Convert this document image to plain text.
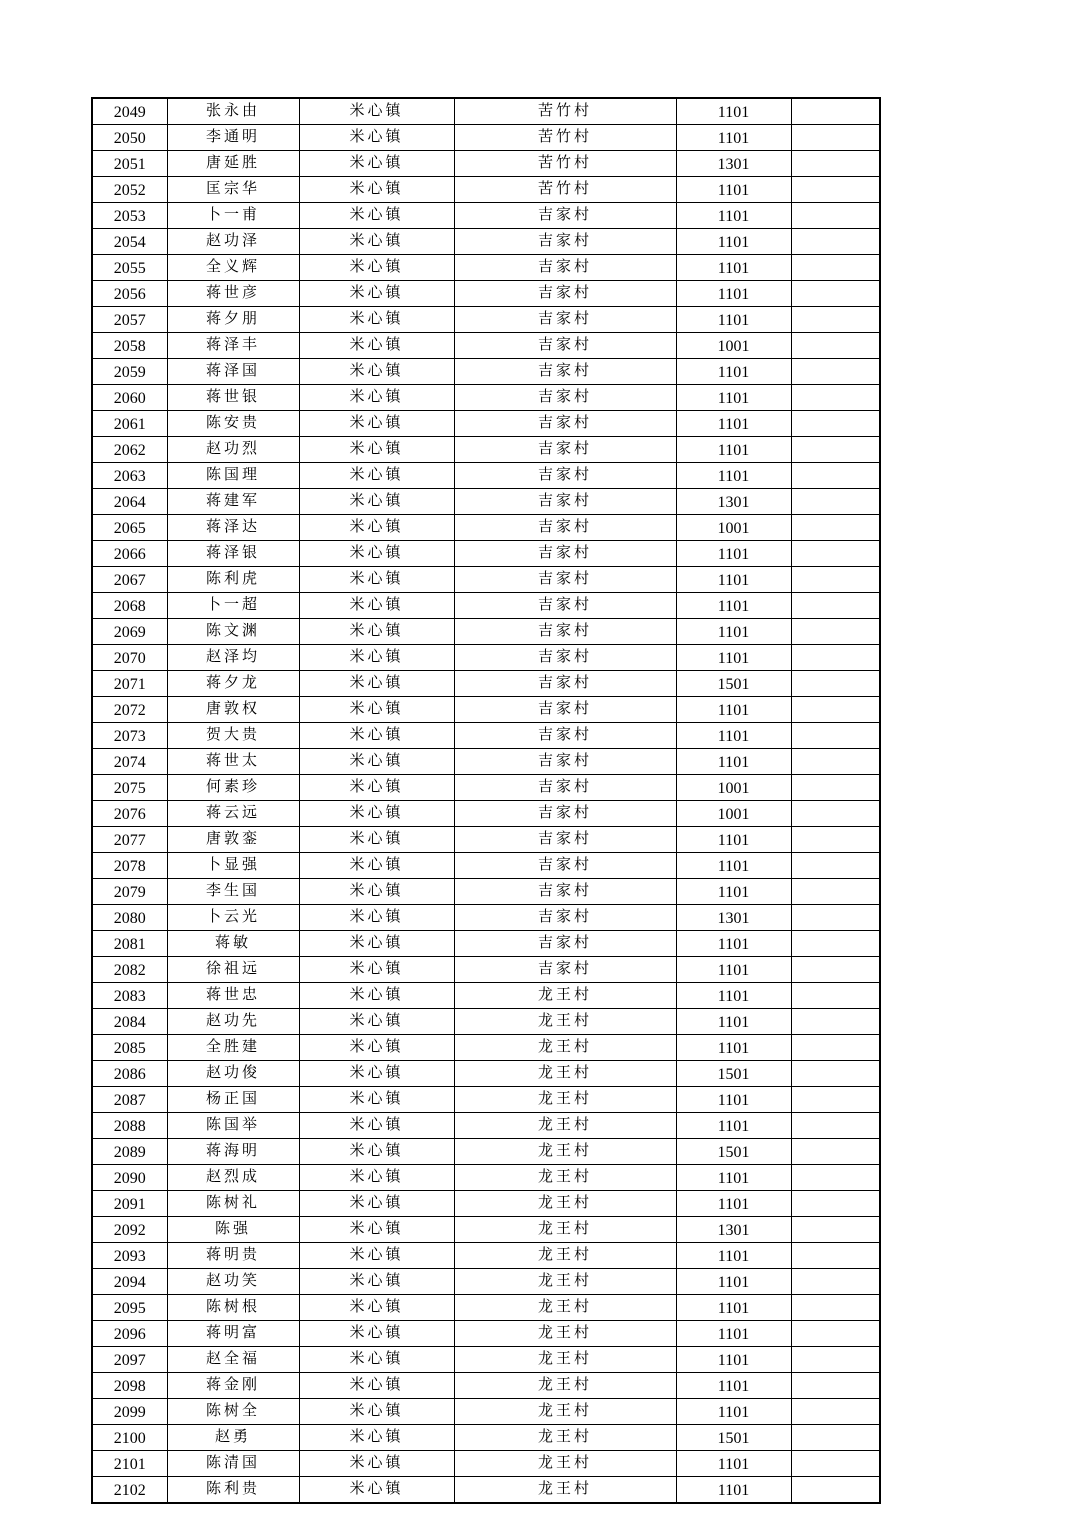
2049	张永由	米心镇	苦竹村	1101	
2050	李通明	米心镇	苦竹村	1101	
2051	唐延胜	米心镇	苦竹村	1301	
2052	匡宗华	米心镇	苦竹村	1101	
2053	卜一甫	米心镇	吉家村	1101	
2054	赵功泽	米心镇	吉家村	1101	
2055	全义辉	米心镇	吉家村	1101	
2056	蒋世彦	米心镇	吉家村	1101	
2057	蒋夕朋	米心镇	吉家村	1101	
2058	蒋泽丰	米心镇	吉家村	1001	
2059	蒋泽国	米心镇	吉家村	1101	
2060	蒋世银	米心镇	吉家村	1101	
2061	陈安贵	米心镇	吉家村	1101	
2062	赵功烈	米心镇	吉家村	1101	
2063	陈国理	米心镇	吉家村	1101	
2064	蒋建军	米心镇	吉家村	1301	
2065	蒋泽达	米心镇	吉家村	1001	
2066	蒋泽银	米心镇	吉家村	1101	
2067	陈利虎	米心镇	吉家村	1101	
2068	卜一超	米心镇	吉家村	1101	
2069	陈文渊	米心镇	吉家村	1101	
2070	赵泽均	米心镇	吉家村	1101	
2071	蒋夕龙	米心镇	吉家村	1501	
2072	唐敦权	米心镇	吉家村	1101	
2073	贺大贵	米心镇	吉家村	1101	
2074	蒋世太	米心镇	吉家村	1101	
2075	何素珍	米心镇	吉家村	1001	
2076	蒋云远	米心镇	吉家村	1001	
2077	唐敦銮	米心镇	吉家村	1101	
2078	卜显强	米心镇	吉家村	1101	
2079	李生国	米心镇	吉家村	1101	
2080	卜云光	米心镇	吉家村	1301	
2081	蒋敏	米心镇	吉家村	1101	
2082	徐祖远	米心镇	吉家村	1101	
2083	蒋世忠	米心镇	龙王村	1101	
2084	赵功先	米心镇	龙王村	1101	
2085	全胜建	米心镇	龙王村	1101	
2086	赵功俊	米心镇	龙王村	1501	
2087	杨正国	米心镇	龙王村	1101	
2088	陈国举	米心镇	龙王村	1101	
2089	蒋海明	米心镇	龙王村	1501	
2090	赵烈成	米心镇	龙王村	1101	
2091	陈树礼	米心镇	龙王村	1101	
2092	陈强	米心镇	龙王村	1301	
2093	蒋明贵	米心镇	龙王村	1101	
2094	赵功笑	米心镇	龙王村	1101	
2095	陈树根	米心镇	龙王村	1101	
2096	蒋明富	米心镇	龙王村	1101	
2097	赵全福	米心镇	龙王村	1101	
2098	蒋金刚	米心镇	龙王村	1101	
2099	陈树全	米心镇	龙王村	1101	
2100	赵勇	米心镇	龙王村	1501	
2101	陈清国	米心镇	龙王村	1101	
2102	陈利贵	米心镇	龙王村	1101	
